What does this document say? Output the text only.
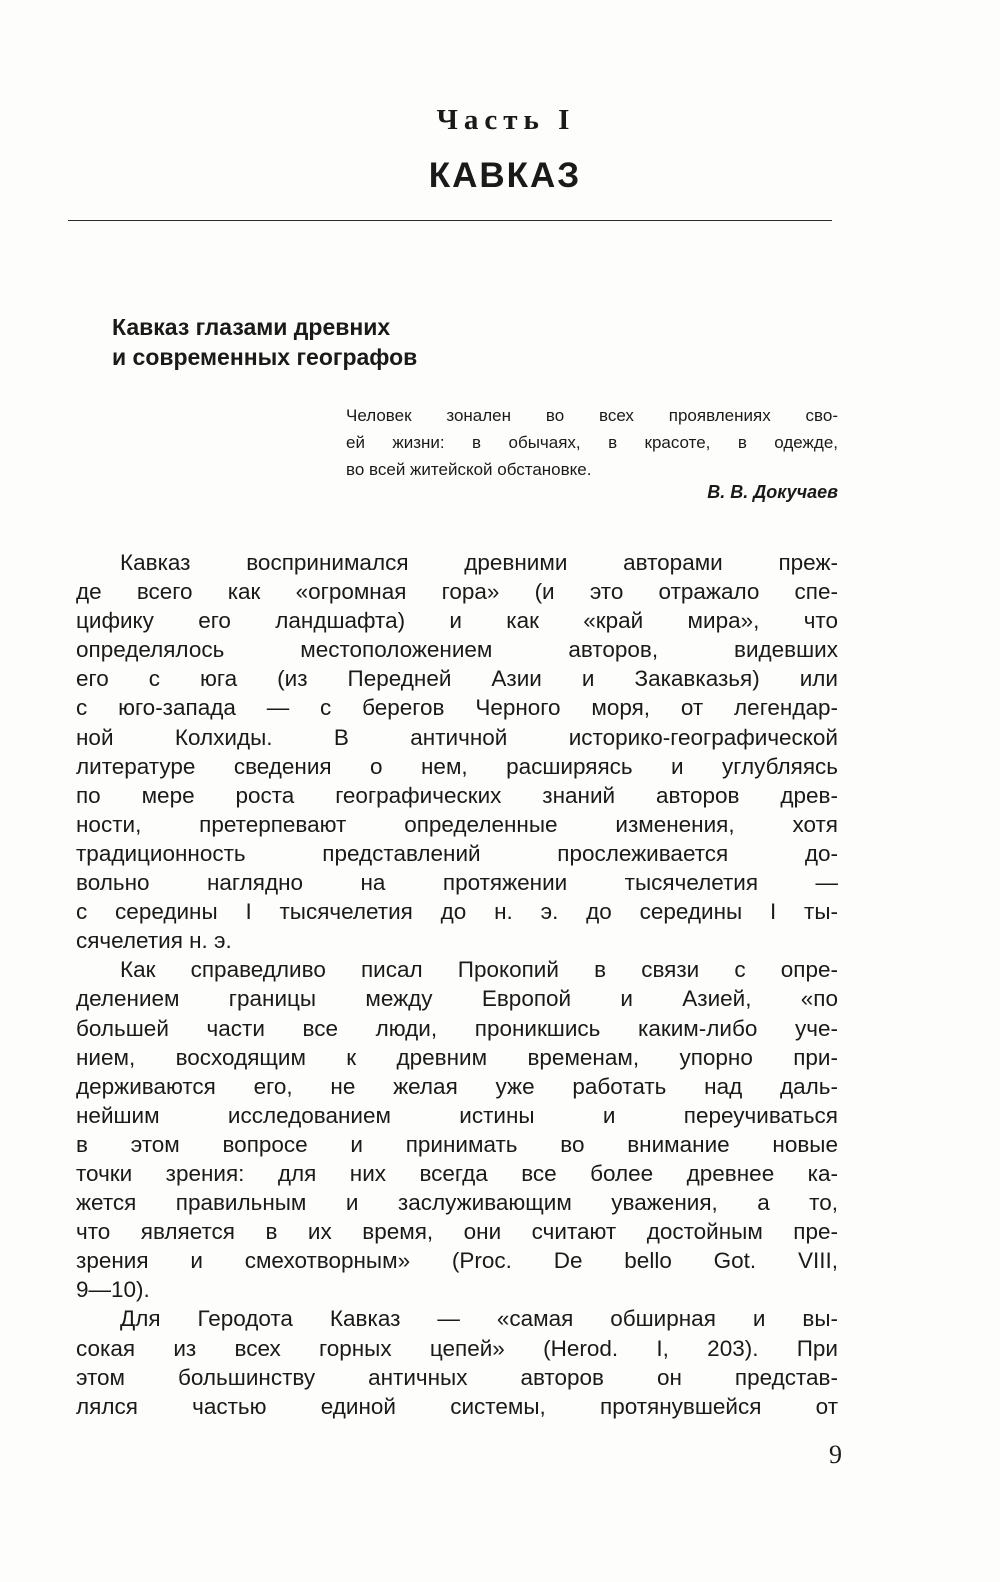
Часть I
КАВКАЗ
Кавказ глазами древних
и современных географов
Человек зонален во всех проявлениях сво-
ей жизни: в обычаях, в красоте, в одежде,
во всей житейской обстановке.
В. В. Докучаев
Кавказ воспринимался древними авторами преж-
де всего как «огромная гора» (и это отражало спе-
цифику его ландшафта) и как «край мира», что
определялось местоположением авторов, видевших
его с юга (из Передней Азии и Закавказья) или
с юго-запада — с берегов Черного моря, от легендар-
ной Колхиды. В античной историко-географической
литературе сведения о нем, расширяясь и углубляясь
по мере роста географических знаний авторов древ-
ности, претерпевают определенные изменения, хотя
традиционность представлений прослеживается до-
вольно наглядно на протяжении тысячелетия —
с середины I тысячелетия до н. э. до середины I ты-
сячелетия н. э.
Как справедливо писал Прокопий в связи с опре-
делением границы между Европой и Азией, «по
большей части все люди, проникшись каким-либо уче-
нием, восходящим к древним временам, упорно при-
держиваются его, не желая уже работать над даль-
нейшим исследованием истины и переучиваться
в этом вопросе и принимать во внимание новые
точки зрения: для них всегда все более древнее ка-
жется правильным и заслуживающим уважения, а то,
что является в их время, они считают достойным пре-
зрения и смехотворным» (Proc. De bello Got. VIII,
9—10).
Для Геродота Кавказ — «самая обширная и вы-
сокая из всех горных цепей» (Herod. I, 203). При
этом большинству античных авторов он представ-
лялся частью единой системы, протянувшейся от
9
